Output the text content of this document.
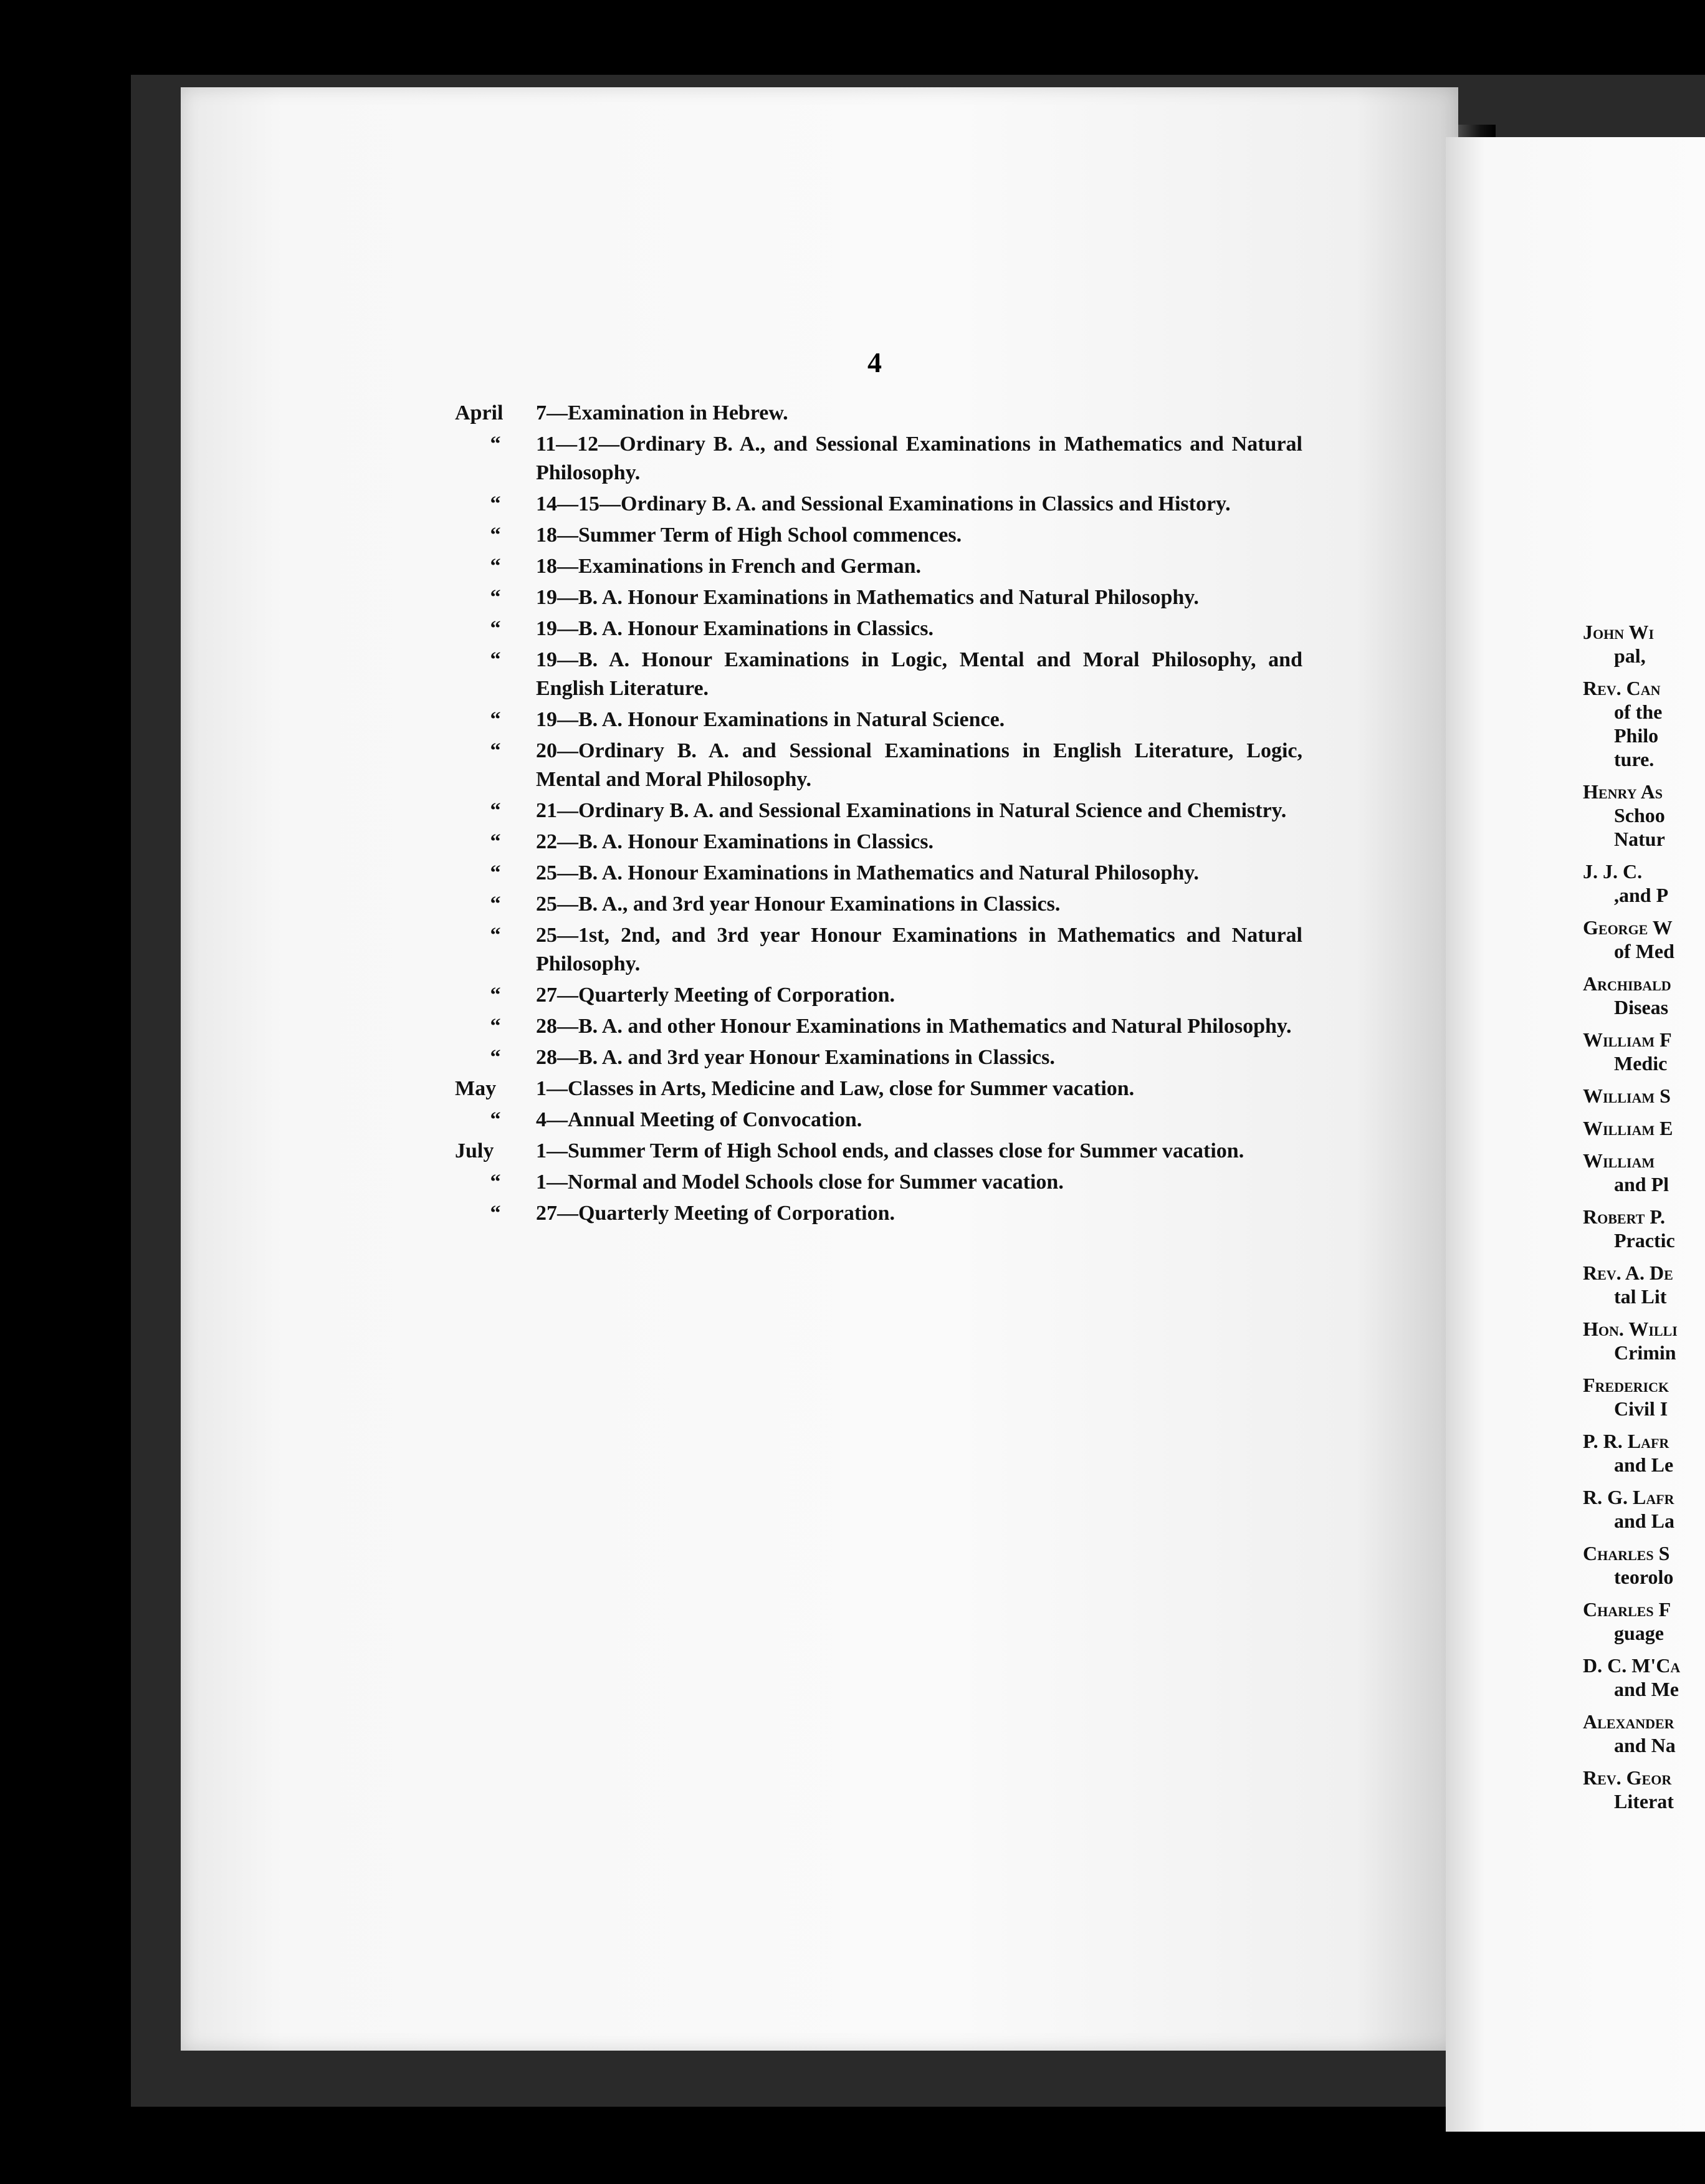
4
April	7—Examination in Hebrew.
“	11—12—Ordinary B. A., and Sessional Examinations in Mathematics and Natural Philosophy.
“	14—15—Ordinary B. A. and Sessional Examinations in Classics and History.
“	18—Summer Term of High School commences.
“	18—Examinations in French and German.
“	19—B. A. Honour Examinations in Mathematics and Natural Philosophy.
“	19—B. A. Honour Examinations in Classics.
“	19—B. A. Honour Examinations in Logic, Mental and Moral Philosophy, and English Literature.
“	19—B. A. Honour Examinations in Natural Science.
“	20—Ordinary B. A. and Sessional Examinations in English Literature, Logic, Mental and Moral Philosophy.
“	21—Ordinary B. A. and Sessional Examinations in Natural Science and Chemistry.
“	22—B. A. Honour Examinations in Classics.
“	25—B. A. Honour Examinations in Mathematics and Natural Philosophy.
“	25—B. A., and 3rd year Honour Examinations in Classics.
“	25—1st, 2nd, and 3rd year Honour Examinations in Mathematics and Natural Philosophy.
“	27—Quarterly Meeting of Corporation.
“	28—B. A. and other Honour Examinations in Mathematics and Natural Philosophy.
“	28—B. A. and 3rd year Honour Examinations in Classics.
May	1—Classes in Arts, Medicine and Law, close for Summer vacation.
“	4—Annual Meeting of Convocation.
July	1—Summer Term of High School ends, and classes close for Summer vacation.
“	1—Normal and Model Schools close for Summer vacation.
“	27—Quarterly Meeting of Corporation.
John Wi
pal,
Rev. Can
of the
Philo
ture.
Henry As
Schoo
Natur
J. J. C.
,and P
George W
of Med
Archibald
Diseas
William F
Medic
William S
William E
William
and Pl
Robert P.
Practic
Rev. A. De
tal Lit
Hon. Willi
Crimin
Frederick
Civil I
P. R. Lafr
and Le
R. G. Lafr
and La
Charles S
teorolo
Charles F
guage
D. C. M'Ca
and Me
Alexander
and Na
Rev. Geor
Literat
